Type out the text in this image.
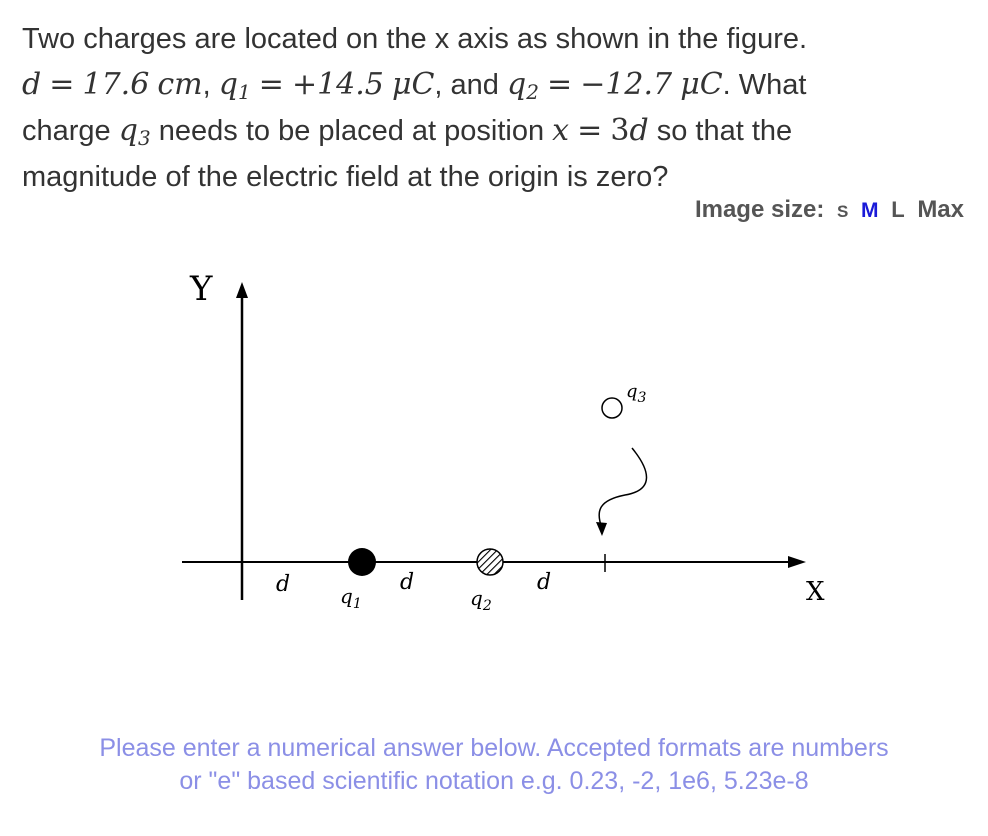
Two charges are located on the x axis as shown in the figure.
d = 17.6 cm, $q_1 = +14.5$ μC, and $q_2 = -12.7$ μC. What
charge $q_3$ needs to be placed at position x = 3d so that the
magnitude of the electric field at the origin is zero?
Image size: S M L Max
Y
X
d	d	d
$q_1$	$q_2$
$q_3$
Please enter a numerical answer below. Accepted formats are numbers
or "e" based scientific notation e.g. 0.23, -2, 1e6, 5.23e-8
